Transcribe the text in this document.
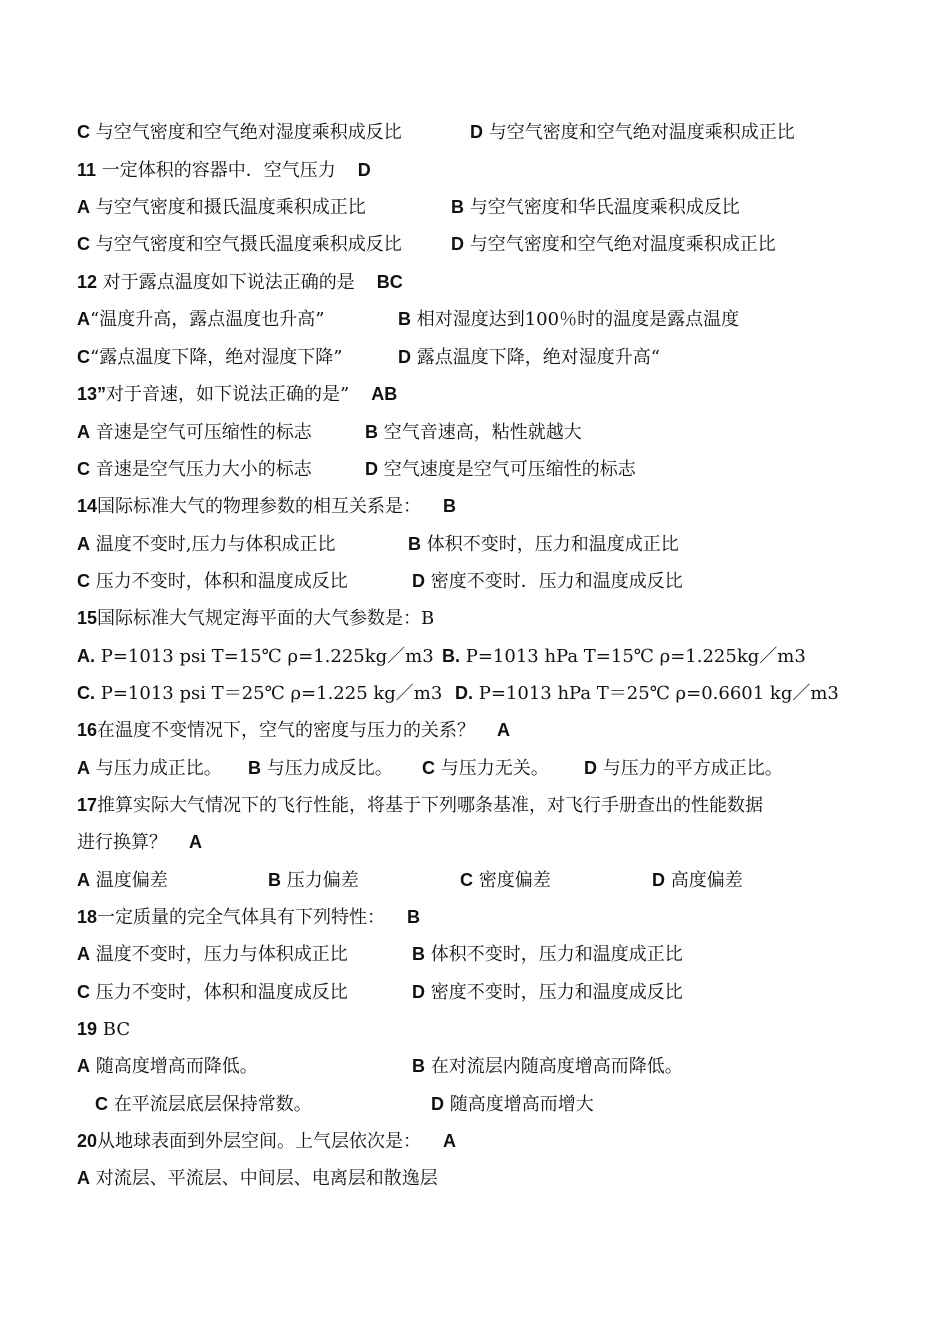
C 与空气密度和空气绝对湿度乘积成反比	D 与空气密度和空气绝对温度乘积成正比
11 一定体积的容器中．空气压力 D
A 与空气密度和摄氏温度乘积成正比	B 与空气密度和华氏温度乘积成反比
C 与空气密度和空气摄氏温度乘积成反比	D 与空气密度和空气绝对温度乘积成正比
12 对于露点温度如下说法正确的是 BC
A“温度升高，露点温度也升高”	B 相对湿度达到100％时的温度是露点温度
C“露点温度下降，绝对湿度下降”	D 露点温度下降，绝对湿度升高“
13”对于音速，如下说法正确的是” AB
A 音速是空气可压缩性的标志	B 空气音速高，粘性就越大
C 音速是空气压力大小的标志	D 空气速度是空气可压缩性的标志
14国际标准大气的物理参数的相互关系是： B
A 温度不变时,压力与体积成正比	B 体积不变时，压力和温度成正比
C 压力不变时，体积和温度成反比	D 密度不变时．压力和温度成反比
15国际标准大气规定海平面的大气参数是：B
A. P=1013 psi T=15℃ ρ=1.225kg／m3 B. P=1013 hPa T=15℃ ρ=1.225kg／m3
C. P=1013 psi T＝25℃ ρ=1.225 kg／m3 D. P=1013 hPa T＝25℃ ρ=0.6601 kg／m3
16在温度不变情况下，空气的密度与压力的关系？ A
A 与压力成正比。 B 与压力成反比。 C 与压力无关。 D 与压力的平方成正比。
17推算实际大气情况下的飞行性能，将基于下列哪条基准，对飞行手册查出的性能数据
进行换算？ A
A 温度偏差	B 压力偏差	C 密度偏差	D 高度偏差
18一定质量的完全气体具有下列特性： B
A 温度不变时，压力与体积成正比	B 体积不变时，压力和温度成正比
C 压力不变时，体积和温度成反比	D 密度不变时，压力和温度成反比
19 BC
A 随高度增高而降低。	B 在对流层内随高度增高而降低。
C 在平流层底层保持常数。	D 随高度增高而增大
20从地球表面到外层空间。上气层依次是： A
A 对流层、平流层、中间层、电离层和散逸层
